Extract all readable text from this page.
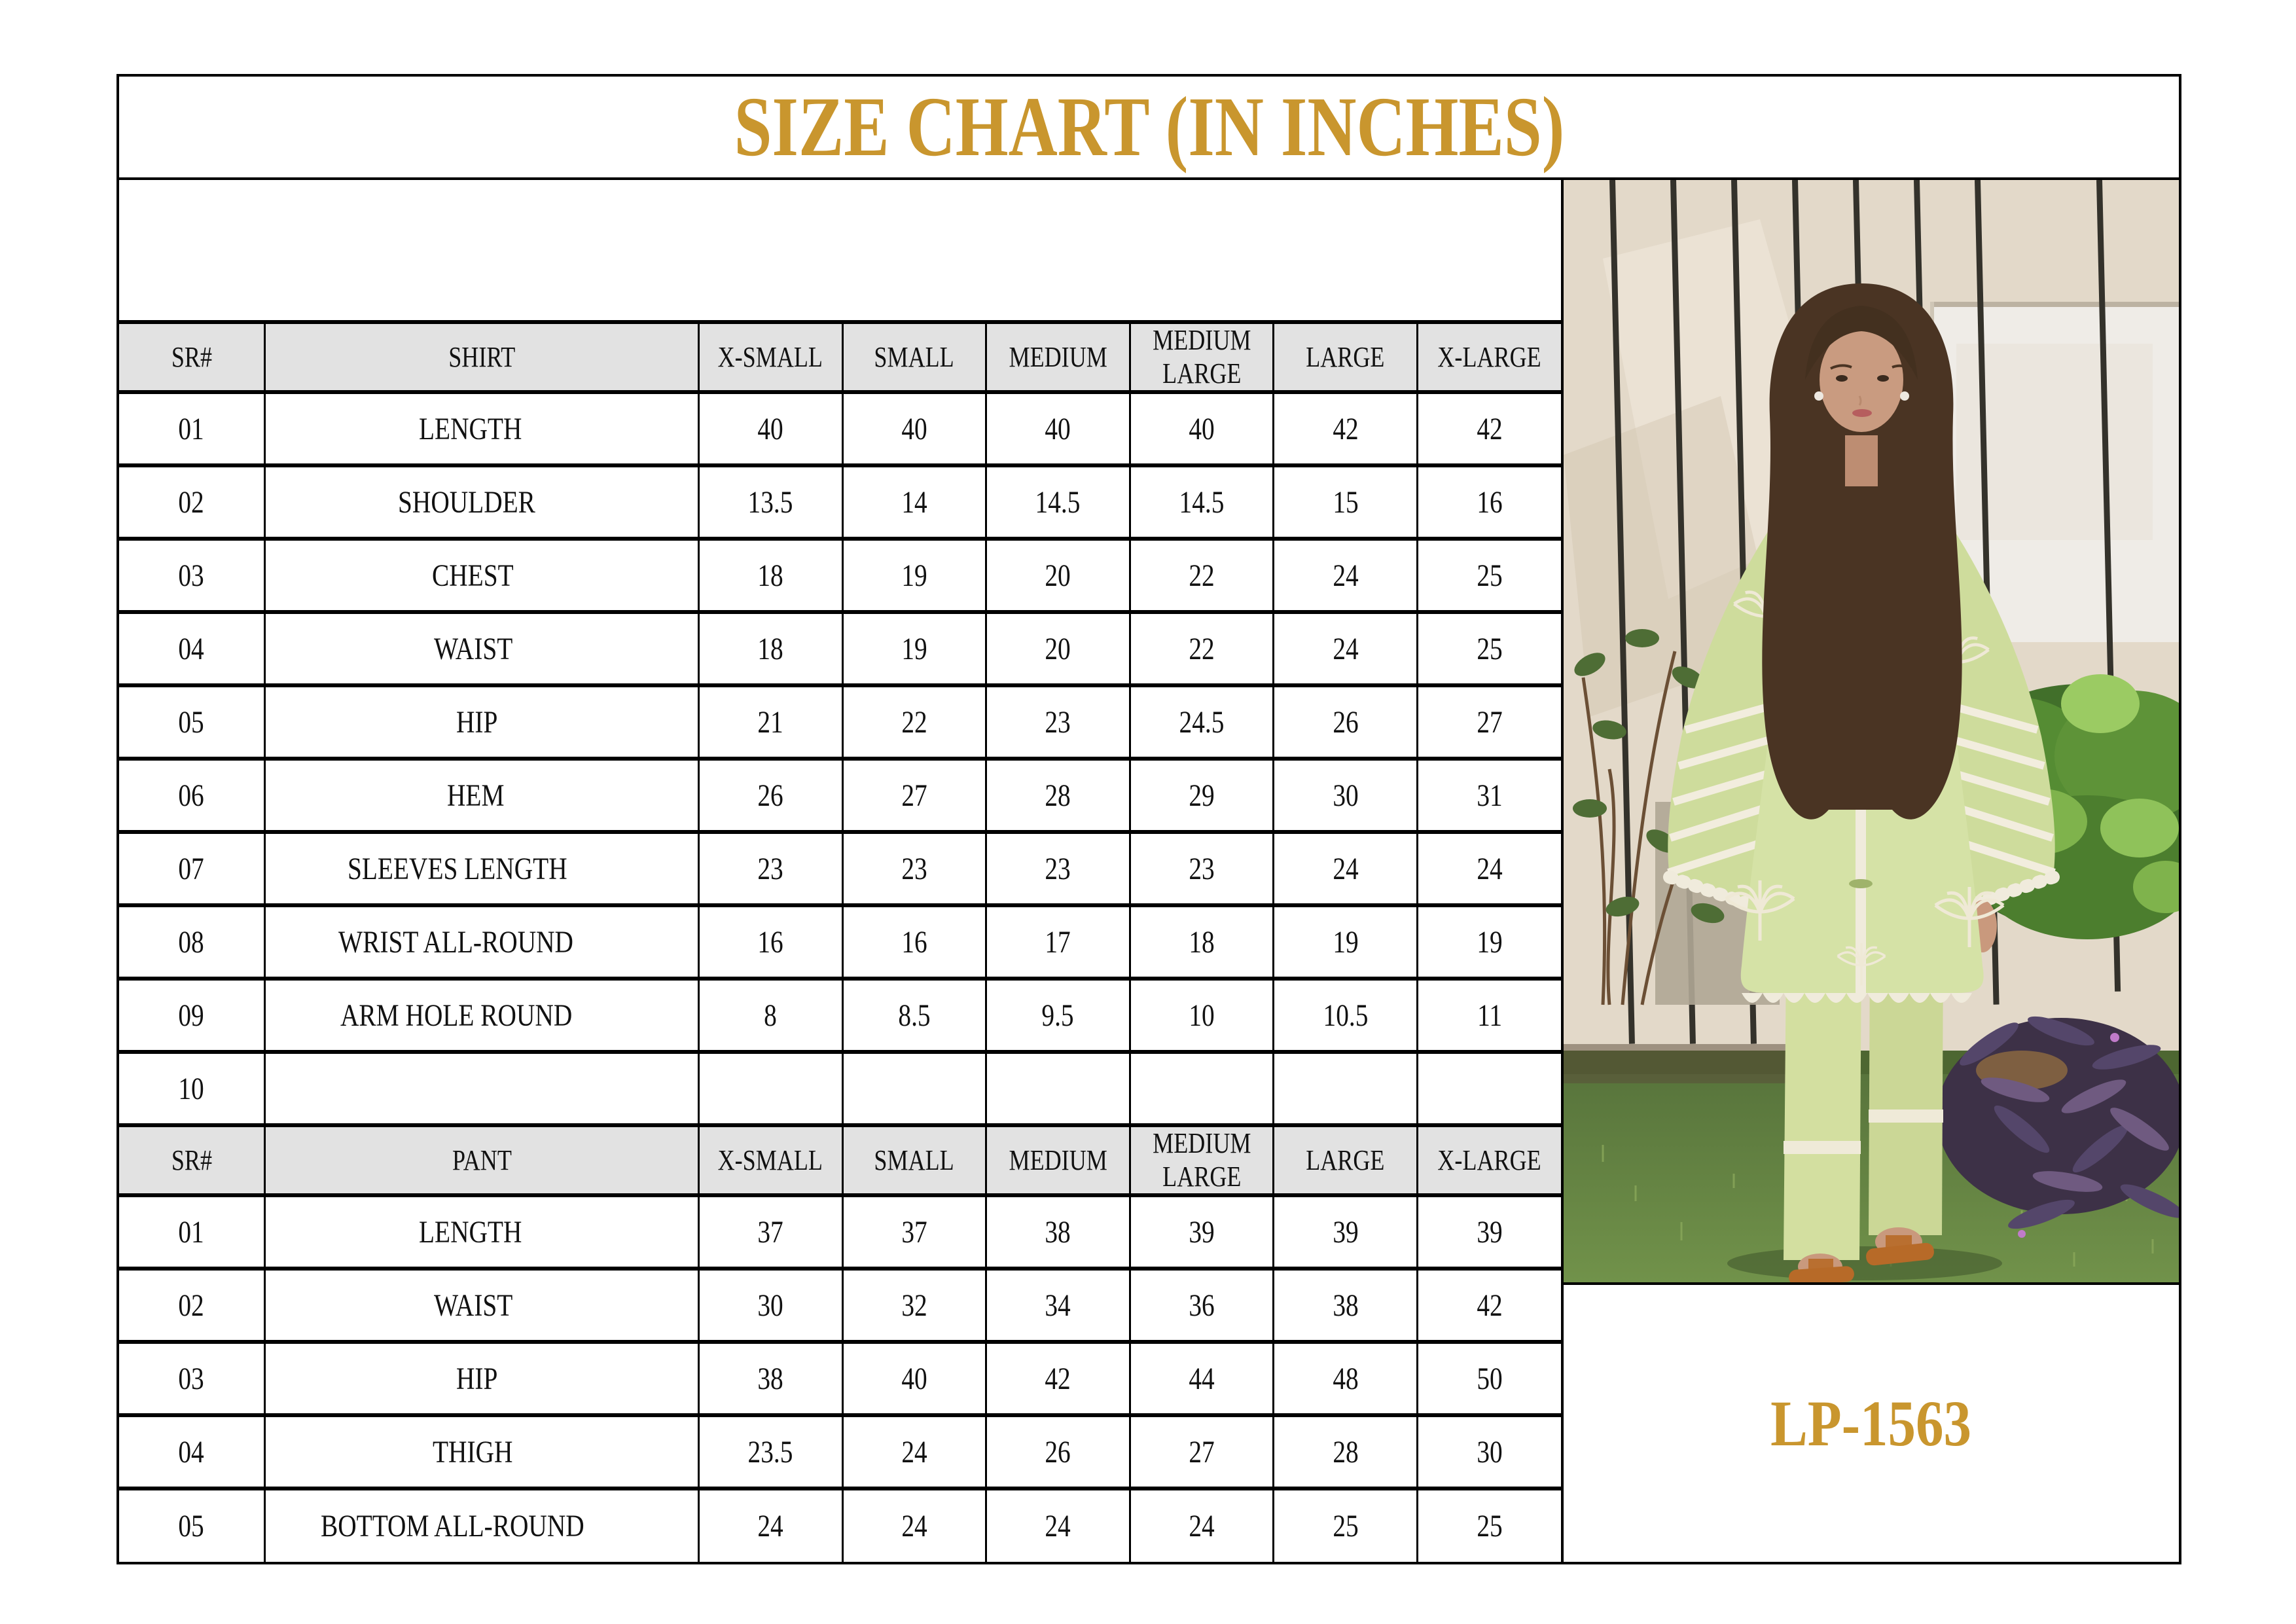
SIZE CHART (IN INCHES)
SR#	SHIRT	X-SMALL	SMALL	MEDIUM	MEDIUM LARGE	LARGE	X-LARGE
01	LENGTH	40	40	40	40	42	42
02	SHOULDER	13.5	14	14.5	14.5	15	16
03	CHEST	18	19	20	22	24	25
04	WAIST	18	19	20	22	24	25
05	HIP	21	22	23	24.5	26	27
06	HEM	26	27	28	29	30	31
07	SLEEVES LENGTH	23	23	23	23	24	24
08	WRIST ALL-ROUND	16	16	17	18	19	19
09	ARM HOLE ROUND	8	8.5	9.5	10	10.5	11
10							
SR#	PANT	X-SMALL	SMALL	MEDIUM	MEDIUM LARGE	LARGE	X-LARGE
01	LENGTH	37	37	38	39	39	39
02	WAIST	30	32	34	36	38	42
03	HIP	38	40	42	44	48	50
04	THIGH	23.5	24	26	27	28	30
05	BOTTOM ALL-ROUND	24	24	24	24	25	25
LP-1563
